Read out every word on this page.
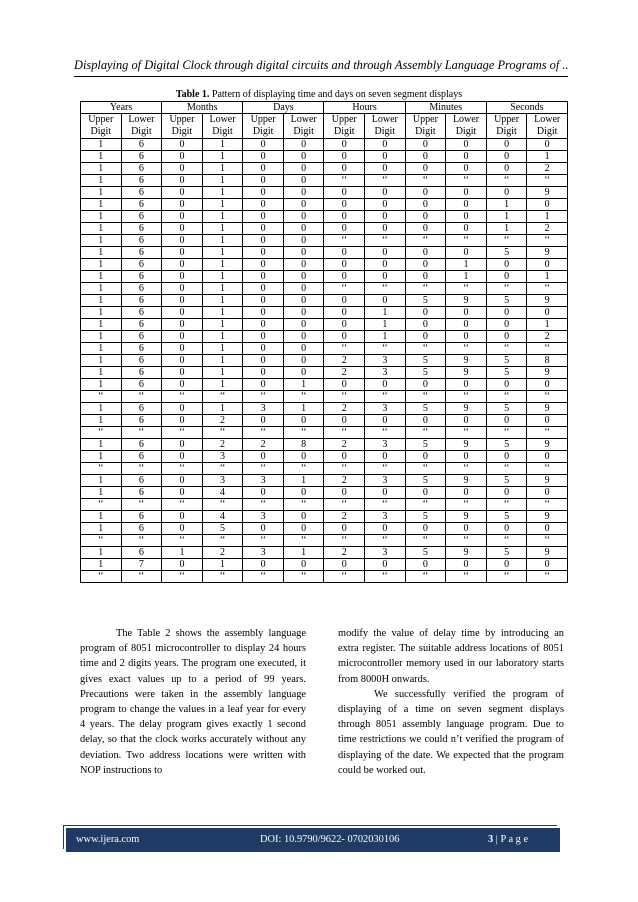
Displaying of Digital Clock through digital circuits and through Assembly Language Programs of ..
Table 1. Pattern of displaying time and days on seven segment displays
Years		Months		Days		Hours		Minutes		Seconds	
Upper Digit	Lower Digit	Upper Digit	Lower Digit	Upper Digit	Lower Digit	Upper Digit	Lower Digit	Upper Digit	Lower Digit	Upper Digit	Lower Digit
1	6	0	1	0	0	0	0	0	0	0	0
1	6	0	1	0	0	0	0	0	0	0	1
1	6	0	1	0	0	0	0	0	0	0	2
1	6	0	1	0	0	‘‘	‘‘	‘‘	‘‘	‘‘	‘‘
1	6	0	1	0	0	0	0	0	0	0	9
1	6	0	1	0	0	0	0	0	0	1	0
1	6	0	1	0	0	0	0	0	0	1	1
1	6	0	1	0	0	0	0	0	0	1	2
1	6	0	1	0	0	‘‘	‘‘	‘‘	‘‘	‘‘	‘‘
1	6	0	1	0	0	0	0	0	0	5	9
1	6	0	1	0	0	0	0	0	1	0	0
1	6	0	1	0	0	0	0	0	1	0	1
1	6	0	1	0	0	‘‘	‘‘	‘‘	‘‘	‘‘	‘‘
1	6	0	1	0	0	0	0	5	9	5	9
1	6	0	1	0	0	0	1	0	0	0	0
1	6	0	1	0	0	0	1	0	0	0	1
1	6	0	1	0	0	0	1	0	0	0	2
1	6	0	1	0	0	‘‘	‘‘	‘‘	‘‘	‘‘	‘‘
1	6	0	1	0	0	2	3	5	9	5	8
1	6	0	1	0	0	2	3	5	9	5	9
1	6	0	1	0	1	0	0	0	0	0	0
‘‘	‘‘	‘‘	‘‘	‘‘	‘‘	‘‘	‘‘	‘‘	‘‘	‘‘	‘‘
1	6	0	1	3	1	2	3	5	9	5	9
1	6	0	2	0	0	0	0	0	0	0	0
‘‘	‘‘	‘‘	‘‘	‘‘	‘‘	‘‘	‘‘	‘‘	‘‘	‘‘	‘‘
1	6	0	2	2	8	2	3	5	9	5	9
1	6	0	3	0	0	0	0	0	0	0	0
‘‘	‘‘	‘‘	‘‘	‘‘	‘‘	‘‘	‘‘	‘‘	‘‘	‘‘	‘‘
1	6	0	3	3	1	2	3	5	9	5	9
1	6	0	4	0	0	0	0	0	0	0	0
‘‘	‘‘	‘‘	‘‘	‘‘	‘‘	‘‘	‘‘	‘‘	‘‘	‘‘	‘‘
1	6	0	4	3	0	2	3	5	9	5	9
1	6	0	5	0	0	0	0	0	0	0	0
‘‘	‘‘	‘‘	‘‘	‘‘	‘‘	‘‘	‘‘	‘‘	‘‘	‘‘	‘‘
1	6	1	2	3	1	2	3	5	9	5	9
1	7	0	1	0	0	0	0	0	0	0	0
‘‘	‘‘	‘‘	‘‘	‘‘	‘‘	‘‘	‘‘	‘‘	‘‘	‘‘	‘‘

The Table 2 shows the assembly language program of 8051 microcontroller to display 24 hours time and 2 digits years. The program one executed, it gives exact values up to a period of 99 years. Precautions were taken in the assembly language program to change the values in a leaf year for every 4 years. The delay program gives exactly 1 second delay, so that the clock works accurately without any deviation. Two address locations were written with NOP instructions to

modify the value of delay time by introducing an extra register. The suitable address locations of 8051 microcontroller memory used in our laboratory starts from 8000H onwards.

We successfully verified the program of displaying of a time on seven segment displays through 8051 assembly language program. Due to time restrictions we could n’t verified the program of displaying of the date. We expected that the program could be worked out.

www.ijera.com	DOI: 10.9790/9622- 0702030106	3 | P a g e
